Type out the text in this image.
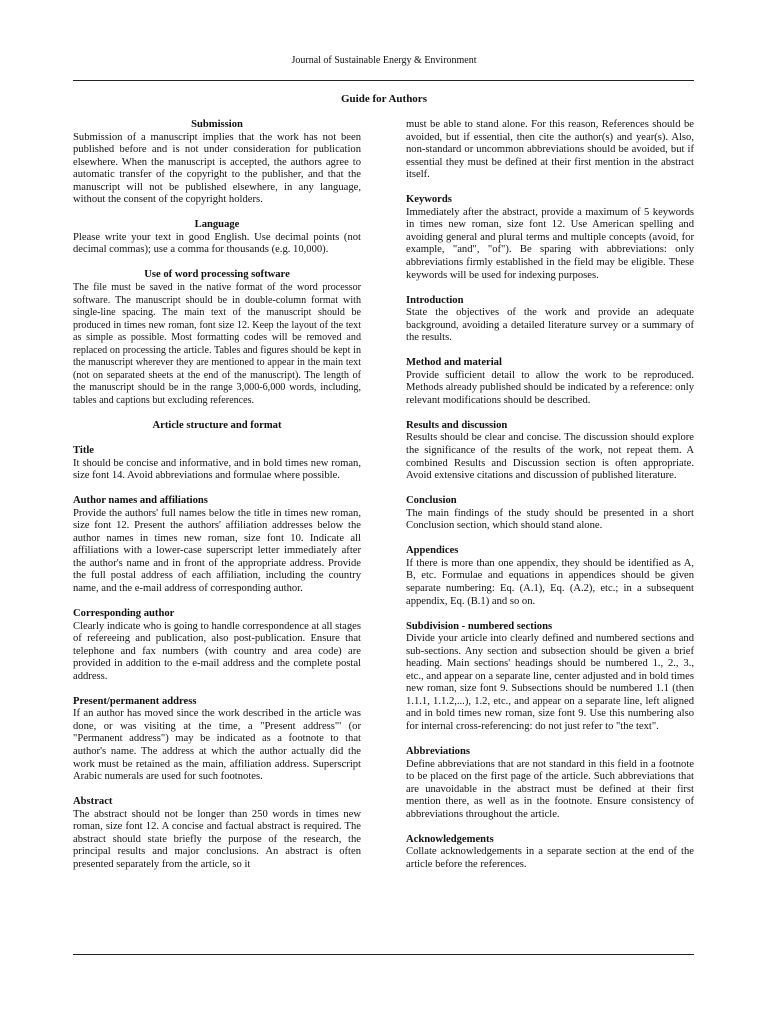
Journal of Sustainable Energy & Environment
Guide for Authors
Submission
Submission of a manuscript implies that the work has not been published before and is not under consideration for publication elsewhere. When the manuscript is accepted, the authors agree to automatic transfer of the copyright to the publisher, and that the manuscript will not be published elsewhere, in any language, without the consent of the copyright holders.
Language
Please write your text in good English. Use decimal points (not decimal commas); use a comma for thousands (e.g. 10,000).
Use of word processing software
The file must be saved in the native format of the word processor software. The manuscript should be in double-column format with single-line spacing. The main text of the manuscript should be produced in times new roman, font size 12. Keep the layout of the text as simple as possible. Most formatting codes will be removed and replaced on processing the article. Tables and figures should be kept in the manuscript wherever they are mentioned to appear in the main text (not on separated sheets at the end of the manuscript). The length of the manuscript should be in the range 3,000-6,000 words, including, tables and captions but excluding references.
Article structure and format
Title
It should be concise and informative, and in bold times new roman, size font 14. Avoid abbreviations and formulae where possible.
Author names and affiliations
Provide the authors' full names below the title in times new roman, size font 12. Present the authors' affiliation addresses below the author names in times new roman, size font 10. Indicate all affiliations with a lower-case superscript letter immediately after the author's name and in front of the appropriate address. Provide the full postal address of each affiliation, including the country name, and the e-mail address of corresponding author.
Corresponding author
Clearly indicate who is going to handle correspondence at all stages of refereeing and publication, also post-publication. Ensure that telephone and fax numbers (with country and area code) are provided in addition to the e-mail address and the complete postal address.
Present/permanent address
If an author has moved since the work described in the article was done, or was visiting at the time, a "Present address"' (or "Permanent address") may be indicated as a footnote to that author's name. The address at which the author actually did the work must be retained as the main, affiliation address. Superscript Arabic numerals are used for such footnotes.
Abstract
The abstract should not be longer than 250 words in times new roman, size font 12. A concise and factual abstract is required. The abstract should state briefly the purpose of the research, the principal results and major conclusions. An abstract is often presented separately from the article, so it
must be able to stand alone. For this reason, References should be avoided, but if essential, then cite the author(s) and year(s). Also, non-standard or uncommon abbreviations should be avoided, but if essential they must be defined at their first mention in the abstract itself.
Keywords
Immediately after the abstract, provide a maximum of 5 keywords in times new roman, size font 12. Use American spelling and avoiding general and plural terms and multiple concepts (avoid, for example, "and", "of"). Be sparing with abbreviations: only abbreviations firmly established in the field may be eligible. These keywords will be used for indexing purposes.
Introduction
State the objectives of the work and provide an adequate background, avoiding a detailed literature survey or a summary of the results.
Method and material
Provide sufficient detail to allow the work to be reproduced. Methods already published should be indicated by a reference: only relevant modifications should be described.
Results and discussion
Results should be clear and concise. The discussion should explore the significance of the results of the work, not repeat them. A combined Results and Discussion section is often appropriate. Avoid extensive citations and discussion of published literature.
Conclusion
The main findings of the study should be presented in a short Conclusion section, which should stand alone.
Appendices
If there is more than one appendix, they should be identified as A, B, etc. Formulae and equations in appendices should be given separate numbering: Eq. (A.1), Eq. (A.2), etc.; in a subsequent appendix, Eq. (B.1) and so on.
Subdivision - numbered sections
Divide your article into clearly defined and numbered sections and sub-sections. Any section and subsection should be given a brief heading. Main sections' headings should be numbered 1., 2., 3., etc., and appear on a separate line, center adjusted and in bold times new roman, size font 9. Subsections should be numbered 1.1 (then 1.1.1, 1.1.2,...), 1.2, etc., and appear on a separate line, left aligned and in bold times new roman, size font 9. Use this numbering also for internal cross-referencing: do not just refer to "the text".
Abbreviations
Define abbreviations that are not standard in this field in a footnote to be placed on the first page of the article. Such abbreviations that are unavoidable in the abstract must be defined at their first mention there, as well as in the footnote. Ensure consistency of abbreviations throughout the article.
Acknowledgements
Collate acknowledgements in a separate section at the end of the article before the references.
